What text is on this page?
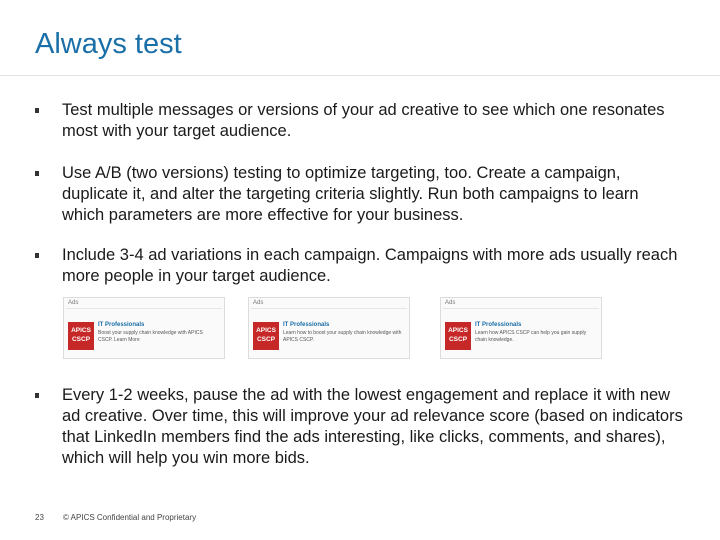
Always test
Test multiple messages or versions of your ad creative to see which one resonates most with your target audience.
Use A/B (two versions) testing to optimize targeting, too. Create a campaign, duplicate it, and alter the targeting criteria slightly. Run both campaigns to learn which parameters are more effective for your business.
Include 3-4 ad variations in each campaign. Campaigns with more ads usually reach more people in your target audience.
Ads
APICS
CSCP
IT Professionals
Boost your supply chain knowledge with APICS CSCP. Learn More
Ads
APICS
CSCP
IT Professionals
Learn how to boost your supply chain knowledge with APICS CSCP.
Ads
APICS
CSCP
IT Professionals
Learn how APICS CSCP can help you gain supply chain knowledge.
Every 1-2 weeks, pause the ad with the lowest engagement and replace it with new ad creative. Over time, this will improve your ad relevance score (based on indicators that LinkedIn members find the ads interesting, like clicks, comments, and shares), which will help you win more bids.
23 © APICS Confidential and Proprietary
